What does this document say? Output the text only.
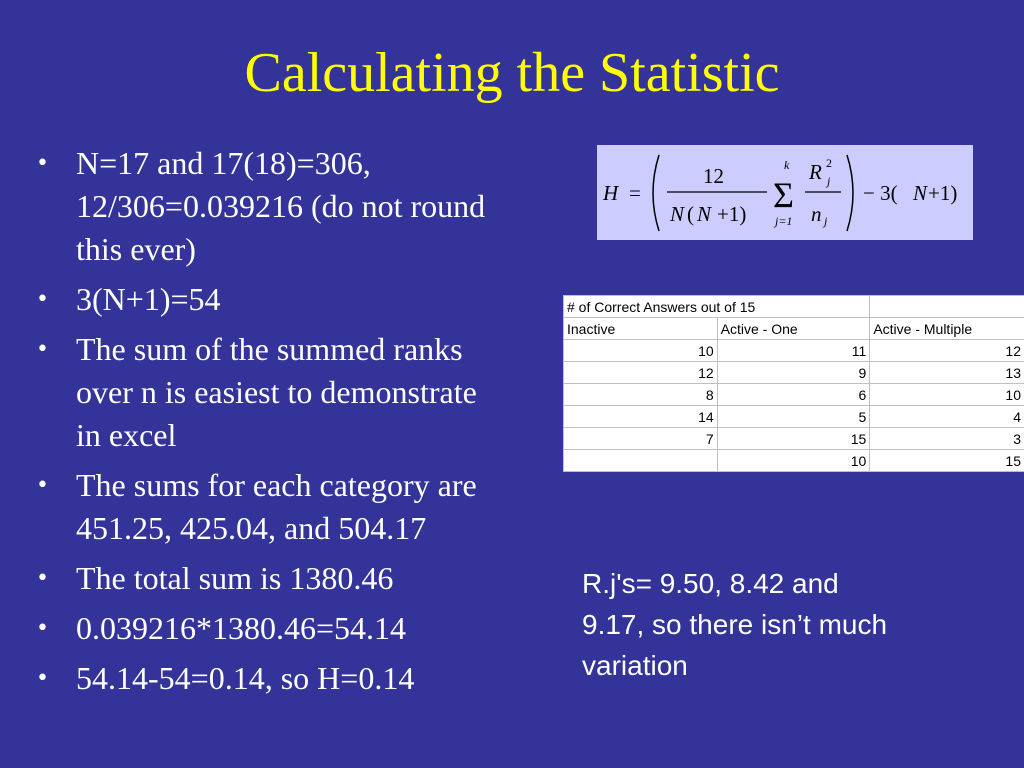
Calculating the Statistic
• N=17 and 17(18)=306,
12/306=0.039216 (do not round
this ever)
• 3(N+1)=54
• The sum of the summed ranks
over n is easiest to demonstrate
in excel
• The sums for each category are
451.25, 425.04, and 504.17
• The total sum is 1380.46
• 0.039216*1380.46=54.14
• 54.14-54=0.14, so H=0.14
H =
12
N ( N +1)
k
Σ
j=1
R 2
j
n j
− 3( N +1)
# of Correct Answers out of 15		
Inactive	Active - One	Active - Multiple
10	11	12
12	9	13
8	6	10
14	5	4
7	15	3
	10	15
R.j's= 9.50, 8.42 and
9.17, so there isn’t much
variation
